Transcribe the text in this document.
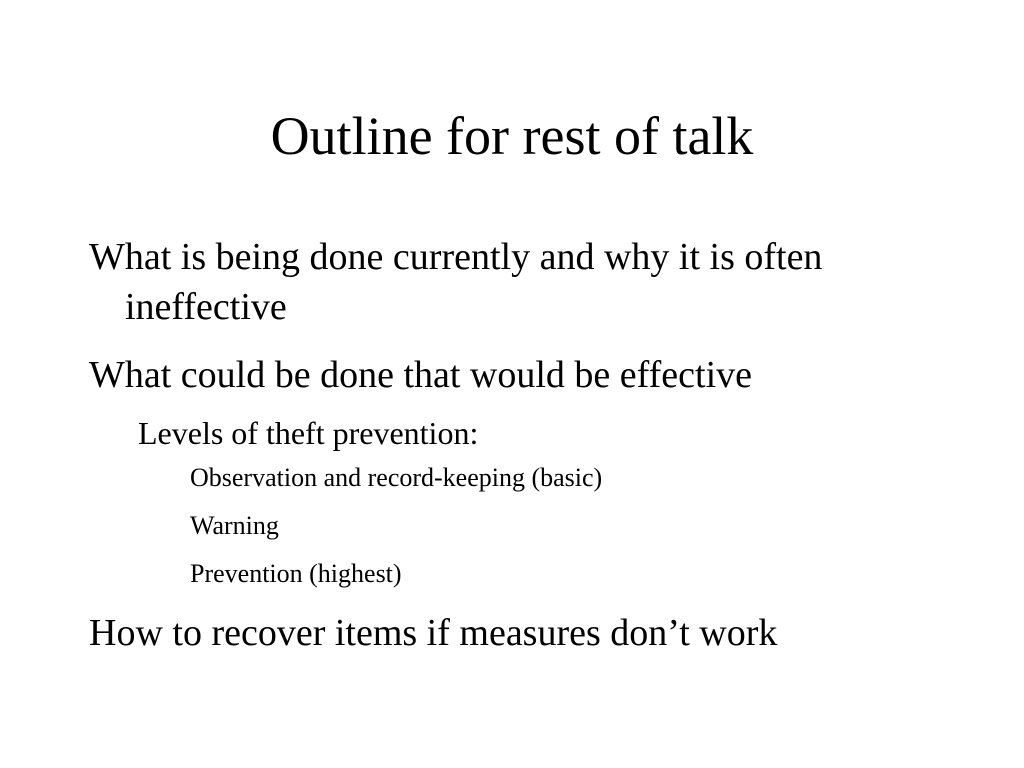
Outline for rest of talk

What is being done currently and why it is often ineffective

What could be done that would be effective

Levels of theft prevention:

Observation and record-keeping (basic)

Warning

Prevention (highest)

How to recover items if measures don’t work
